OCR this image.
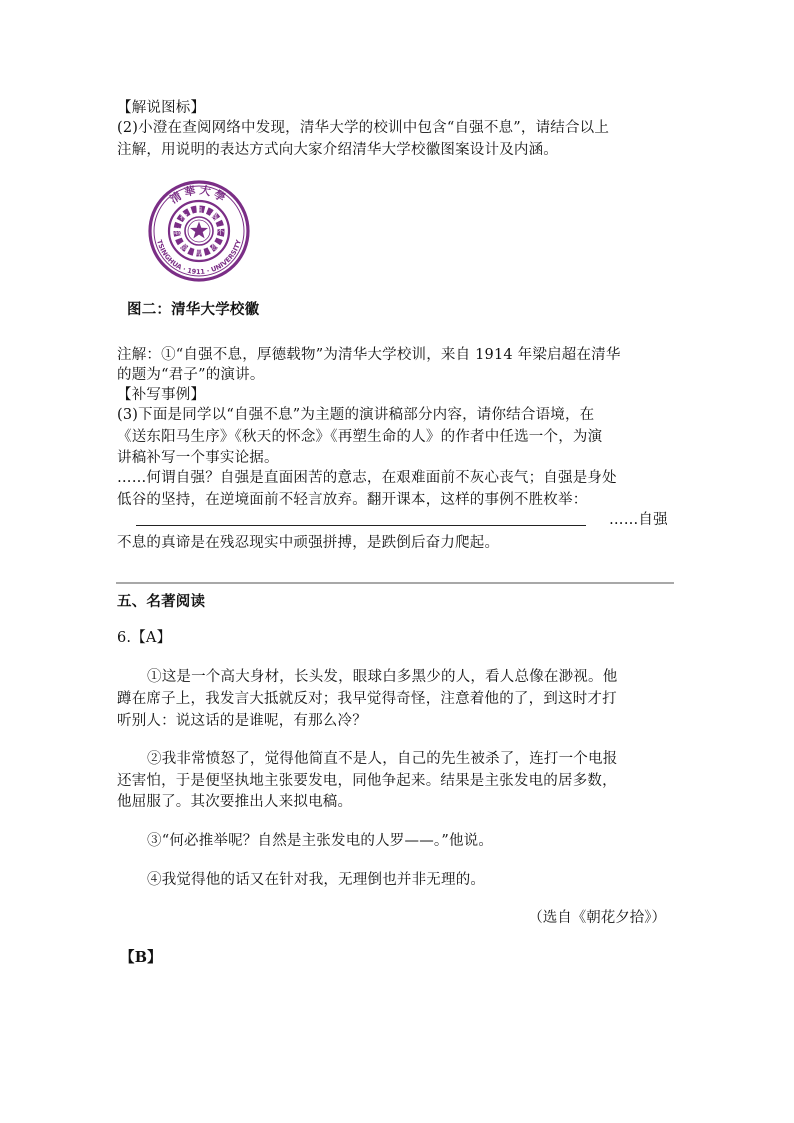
【解说图标】
(2)小澄在查阅网络中发现，清华大学的校训中包含“自强不息”，请结合以上
注解，用说明的表达方式向大家介绍清华大学校徽图案设计及内涵。
清華大學
TSINGHUA · 1911 · UNIVERSITY
自
强
不
息
厚
德
载
物
图二：清华大学校徽
注解：①“自强不息，厚德载物”为清华大学校训，来自 1914 年梁启超在清华
的题为“君子”的演讲。
【补写事例】
(3)下面是同学以“自强不息”为主题的演讲稿部分内容，请你结合语境，在
《送东阳马生序》《秋天的怀念》《再塑生命的人》的作者中任选一个，为演
讲稿补写一个事实论据。
……何谓自强？自强是直面困苦的意志，在艰难面前不灰心丧气；自强是身处
低谷的坚持，在逆境面前不轻言放弃。翻开课本，这样的事例不胜枚举：
……自强
不息的真谛是在残忍现实中顽强拼搏，是跌倒后奋力爬起。
五、名著阅读
6.【A】
①这是一个高大身材，长头发，眼球白多黑少的人，看人总像在渺视。他
蹲在席子上，我发言大抵就反对；我早觉得奇怪，注意着他的了，到这时才打
听别人：说这话的是谁呢，有那么冷？
②我非常愤怒了，觉得他简直不是人，自己的先生被杀了，连打一个电报
还害怕，于是便坚执地主张要发电，同他争起来。结果是主张发电的居多数，
他屈服了。其次要推出人来拟电稿。
③“何必推举呢？自然是主张发电的人罗——。”他说。
④我觉得他的话又在针对我，无理倒也并非无理的。
（选自《朝花夕拾》）
【B】
